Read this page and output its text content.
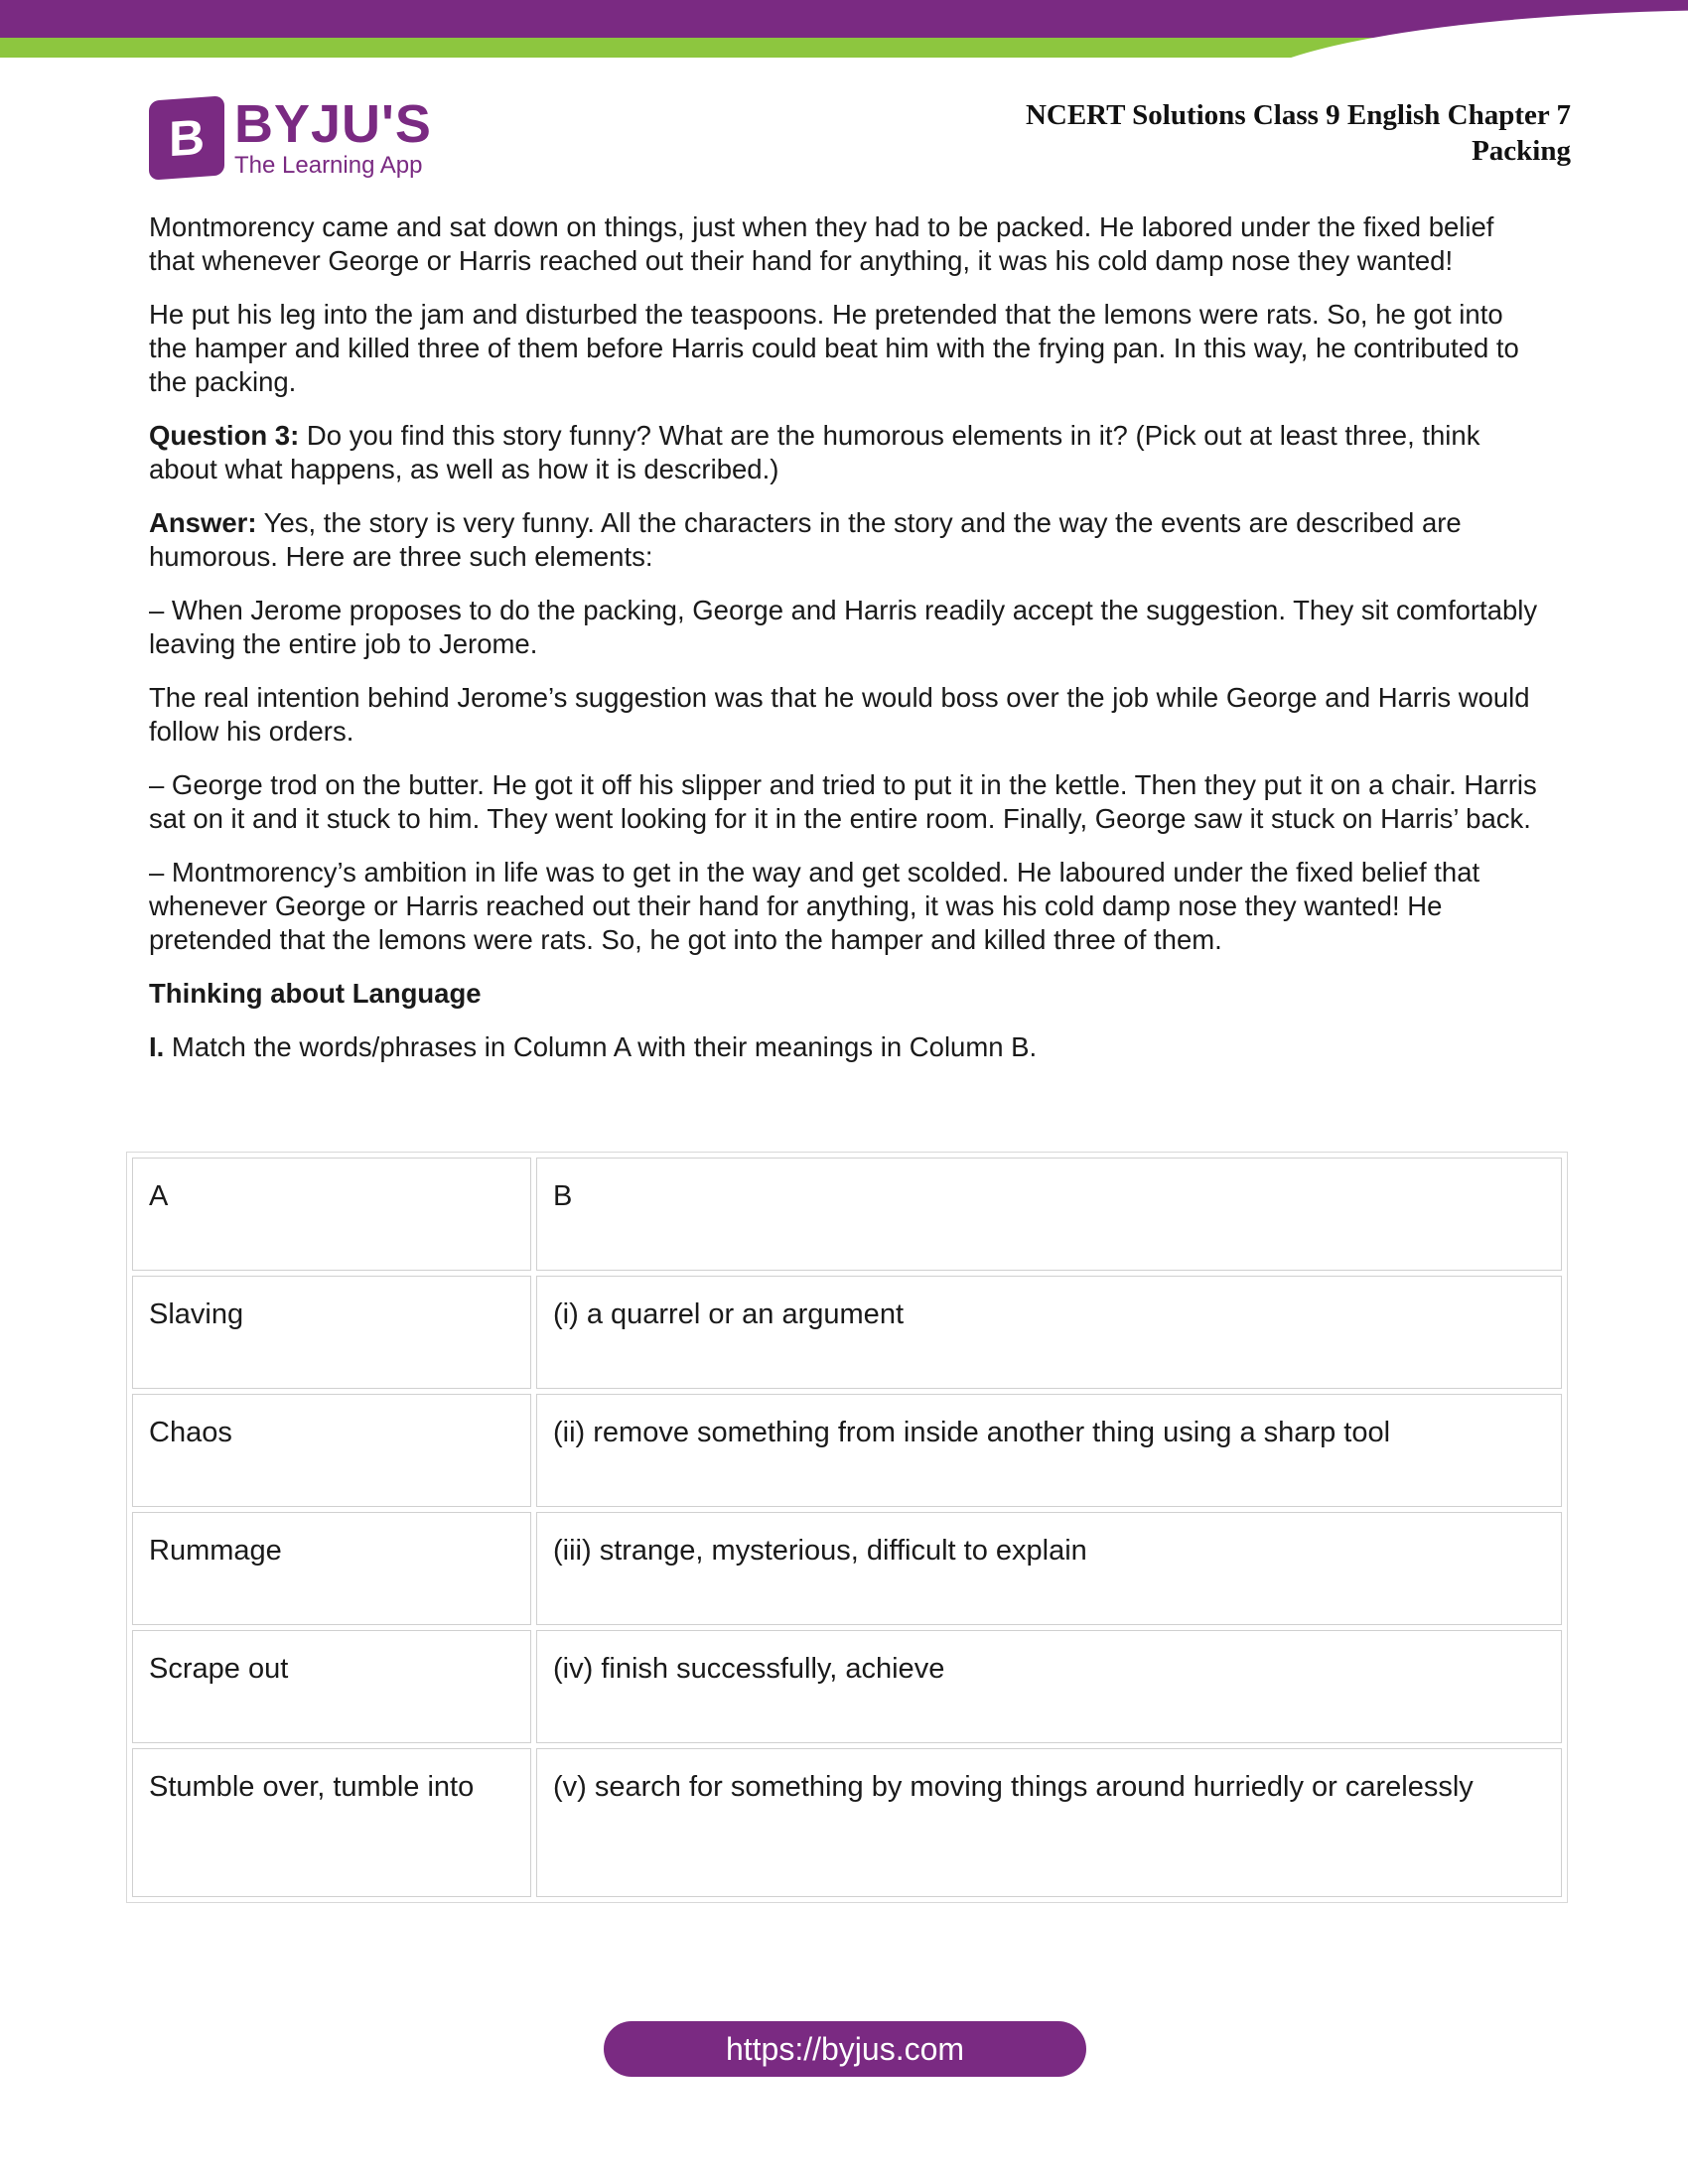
B BYJU'S
The Learning App
NCERT Solutions Class 9 English Chapter 7
Packing

Montmorency came and sat down on things, just when they had to be packed. He labored under the fixed belief that whenever George or Harris reached out their hand for anything, it was his cold damp nose they wanted!

He put his leg into the jam and disturbed the teaspoons. He pretended that the lemons were rats. So, he got into the hamper and killed three of them before Harris could beat him with the frying pan. In this way, he contributed to the packing.

Question 3: Do you find this story funny? What are the humorous elements in it? (Pick out at least three, think about what happens, as well as how it is described.)

Answer: Yes, the story is very funny. All the characters in the story and the way the events are described are humorous. Here are three such elements:

– When Jerome proposes to do the packing, George and Harris readily accept the suggestion. They sit comfortably leaving the entire job to Jerome.

The real intention behind Jerome’s suggestion was that he would boss over the job while George and Harris would follow his orders.

– George trod on the butter. He got it off his slipper and tried to put it in the kettle. Then they put it on a chair. Harris sat on it and it stuck to him. They went looking for it in the entire room. Finally, George saw it stuck on Harris’ back.

– Montmorency’s ambition in life was to get in the way and get scolded. He laboured under the fixed belief that whenever George or Harris reached out their hand for anything, it was his cold damp nose they wanted! He pretended that the lemons were rats. So, he got into the hamper and killed three of them.

Thinking about Language

I. Match the words/phrases in Column A with their meanings in Column B.

A	B
Slaving	(i) a quarrel or an argument
Chaos	(ii) remove something from inside another thing using a sharp tool
Rummage	(iii) strange, mysterious, difficult to explain
Scrape out	(iv) finish successfully, achieve
Stumble over, tumble into	(v) search for something by moving things around hurriedly or carelessly
https://byjus.com
